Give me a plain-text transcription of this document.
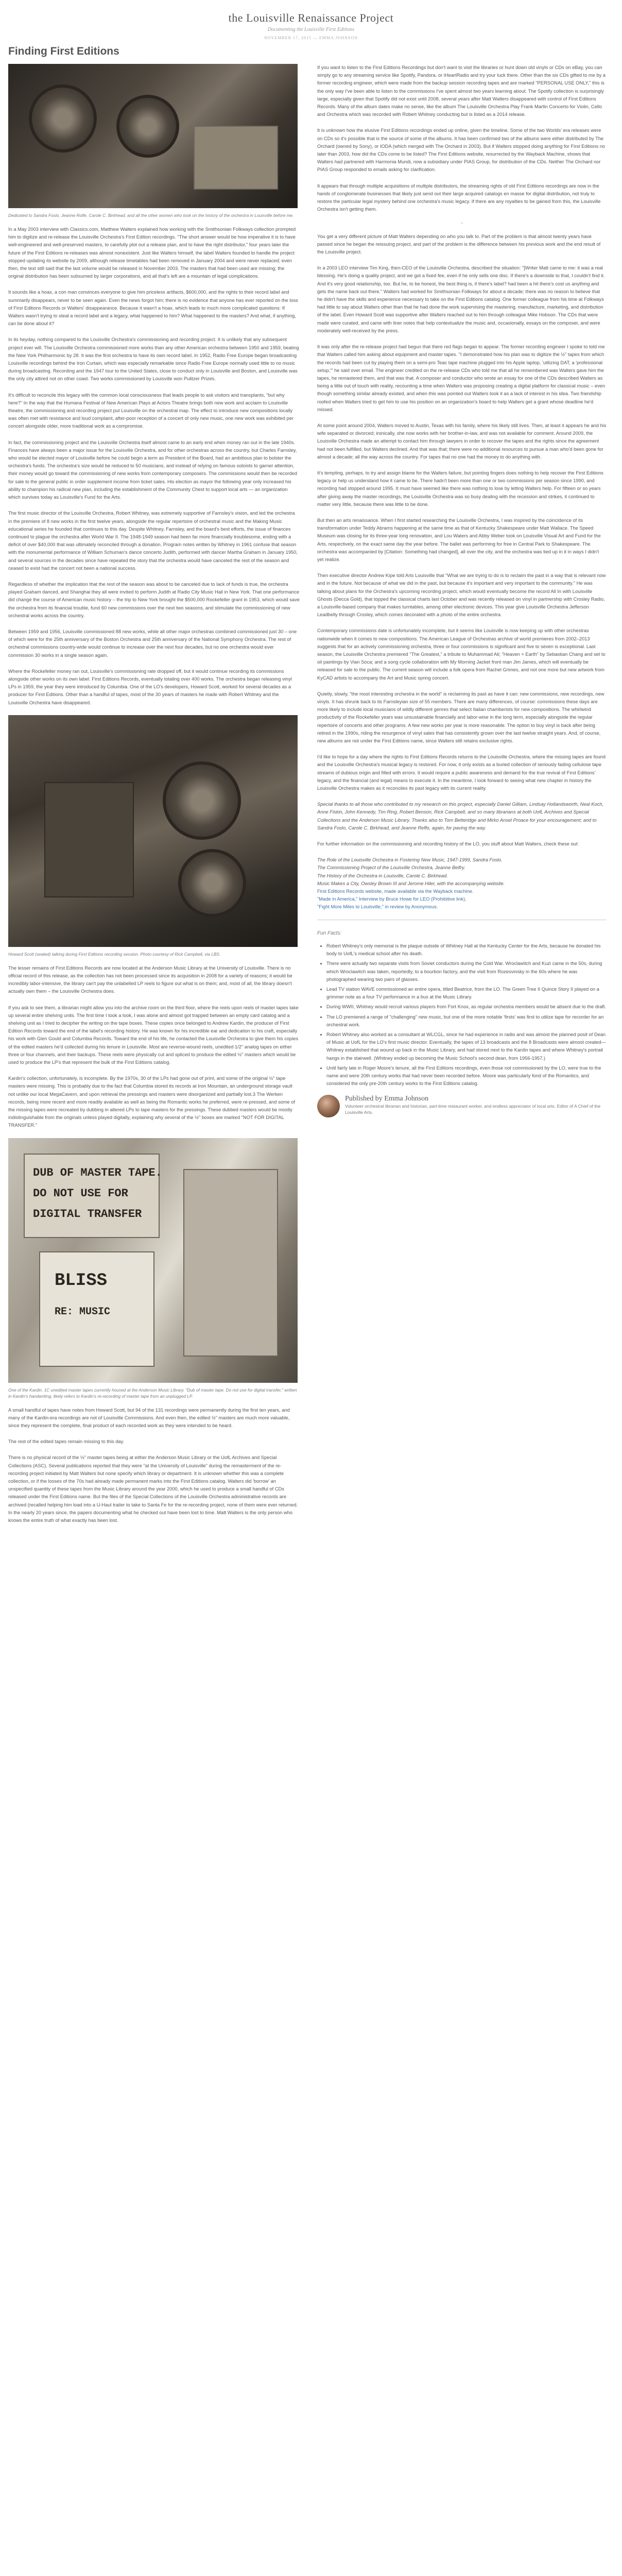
the Louisville Renaissance Project
Documenting the Louisville First Editions
NOVEMBER 17, 2015 — EMMA JOHNSON
Finding First Editions
Dedicated to Sandra Foslo, Jeanne Rolfe, Carole C. Birkhead, and all the other women who took on the history of the orchestra in Louisville before me.

In a May 2003 interview with Classics.com, Matthew Walters explained how working with the Smithsonian Folkways collection prompted him to digitize and re-release the Louisville Orchestra's First Edition recordings. "The short answer would be how imperative it is to have well-engineered and well-preserved masters, to carefully plot out a release plan, and to have the right distributor," four years later the future of the First Editions re-releases was almost nonexistent. Just like Walters himself, the label Walters founded to handle the project stopped updating its website by 2009, although release timetables had been removed in January 2004 and were never replaced; even then, the text still said that the last volume would be released in November 2003. The masters that had been used are missing; the original distribution has been subsumed by larger corporations, and all that's left are a mountain of legal complications.

It sounds like a hoax, a con man convinces everyone to give him priceless artifacts, $600,000, and the rights to their record label and summarily disappears, never to be seen again. Even the news forgot him; there is no evidence that anyone has ever reported on the loss of First Editions Records or Walters' disappearance. Because it wasn't a hoax, which leads to much more complicated questions: If Walters wasn't trying to steal a record label and a legacy, what happened to him? What happened to the masters? And what, if anything, can be done about it?

In its heyday, nothing compared to the Louisville Orchestra's commissioning and recording project. It is unlikely that any subsequent project ever will. The Louisville Orchestra commissioned more works than any other American orchestra between 1950 and 1959, beating the New York Philharmonic by 28. It was the first orchestra to have its own record label. In 1952, Radio Free Europe began broadcasting Louisville recordings behind the Iron Curtain, which was especially remarkable since Radio Free Europe normally used little to no music during broadcasting. Recording and the 1947 tour to the United States, close to conduct only in Louisville and Boston, and Louisville was the only city attired not on other coast. Two works commissioned by Louisville won Pulitzer Prizes.

It's difficult to reconcile this legacy with the common local consciousness that leads people to ask visitors and transplants, "but why here?" In the way that the Humana Festival of New American Plays at Actors Theatre brings both new work and acclaim to Louisville theatre, the commissioning and recording project put Louisville on the orchestral map. The effect to introduce new compositions locally was often met with resistance and loud complaint, after-poor reception of a concert of only new music, one new work was exhibited per concert alongside older, more traditional work as a compromise.

In fact, the commissioning project and the Louisville Orchestra itself almost came to an early end when money ran out in the late 1940s. Finances have always been a major issue for the Louisville Orchestra, and for other orchestras across the country, but Charles Farnsley, who would be elected mayor of Louisville before he could begin a term as President of the Board, had an ambitious plan to bolster the orchestra's funds. The orchestra's size would be reduced to 50 musicians, and instead of relying on famous soloists to garner attention, their money would go toward the commissioning of new works from contemporary composers. The commissions would then be recorded for sale to the general public in order supplement income from ticket sales. His election as mayor the following year only increased his ability to champion his radical new plan, including the establishment of the Community Chest to support local arts — an organization which survives today as Louisville's Fund for the Arts.

The first music director of the Louisville Orchestra, Robert Whitney, was extremely supportive of Farnsley's vision, and led the orchestra in the premiere of 8 new works in the first twelve years, alongside the regular repertoire of orchestral music and the Making Music educational series he founded that continues to this day. Despite Whitney, Farnsley, and the board's best efforts, the issue of finances continued to plague the orchestra after World War II. The 1948-1949 season had been far more financially troublesome, ending with a deficit of over $40,000 that was ultimately reconciled through a donation. Program notes written by Whitney in 1961 confuse that season with the monumental performance of William Schuman's dance concerto Judith, performed with dancer Martha Graham in January 1950, and several sources in the decades since have repeated the story that the orchestra would have canceled the rest of the season and ceased to exist had the concert not been a national success.

Regardless of whether the implication that the rest of the season was about to be canceled due to lack of funds is true, the orchestra played Graham danced, and Shanghai they all were invited to perform Judith at Radio City Music Hall in New York. That one performance did change the course of American music history – the trip to New York brought the $500,000 Rockefeller grant in 1953, which would save the orchestra from its financial trouble, fund 60 new commissions over the next two seasons, and stimulate the commissioning of new orchestral works across the country.

Between 1959 and 1956, Louisville commissioned 88 new works, while all other major orchestras combined commissioned just 30 – one of which were for the 25th anniversary of the Boston Orchestra and 25th anniversary of the National Symphony Orchestra. The rest of orchestral commissions country-wide would continue to increase over the next four decades, but no one orchestra would ever commission 30 works in a single season again.

Where the Rockefeller money ran out, Louisville's commissioning rate dropped off, but it would continue recording its commissions alongside other works on its own label. First Editions Records, eventually totaling over 400 works. The orchestra began releasing vinyl LPs in 1959, the year they were introduced by Columbia. One of the LO's developers, Howard Scott, worked for several decades as a producer for First Editions. Other than a handful of tapes, most of the 30 years of masters he made with Robert Whitney and the Louisville Orchestra have disappeared.

Howard Scott (seated) talking during First Editions recording session. Photo courtesy of Rick Campbell, via LBS.

The lesser remains of First Editions Records are now located at the Anderson Music Library at the University of Louisville. There is no official record of this release, as the collection has not been processed since its acquisition in 2008 for a variety of reasons; it would be incredibly labor-intensive, the library can't pay the unlabelled LP reels to figure out what is on them; and, most of all, the library doesn't actually own them – the Louisville Orchestra does.

If you ask to see them, a librarian might allow you into the archive room on the third floor, where the reels upon reels of master tapes take up several entire shelving units. The first time I took a look, I was alone and almost got trapped between an empty card catalog and a shelving unit as I tried to decipher the writing on the tape boxes. These copies once belonged to Andrew Kardin, the producer of First Edition Records toward the end of the label's recording history. He was known for his incredible ear and dedication to his craft, especially his work with Glen Gould and Columbia Records. Toward the end of his life, he contacted the Louisville Orchestra to give them his copies of the edited masters he'd collected during his tenure in Louisville. Most are reverse-wound reels, unedited 1/2" analog tapes on either three or four channels, and their backups. These reels were physically cut and spliced to produce the edited ½" masters which would be used to produce the LP's that represent the bulk of the First Editions catalog.

Kardin's collection, unfortunately, is incomplete. By the 1970s, 30 of the LPs had gone out of print, and some of the original ½" tape masters were missing. This is probably due to the fact that Columbia stored its records at Iron Mountain, an underground storage vault not unlike our local MegaCavern, and upon retrieval the pressings and masters were disorganized and partially lost.3 The Werken records, being more recent and more readily available as well as being the Romantic works he preferred, were re-pressed, and some of the missing tapes were recreated by dubbing in altered LPs to tape masters for the pressings. These dubbed masters would be mostly indistinguishable from the originals unless played digitally, explaining why several of the ½" boxes are marked "NOT FOR DIGITAL TRANSFER."

DUB OF MASTER TAPE.
DO NOT USE FOR
DIGITAL TRANSFER
BLISS
RE: MUSIC
One of the Kardin. 1C unedited master tapes currently housed at the Anderson Music Library. "Dub of master tape. Do not use for digital transfer," written in Kardin's handwriting, likely refers to Kardin's re-recording of master tape from an unplugged LP.

A small handful of tapes have notes from Howard Scott, but 94 of the 131 recordings were permanently during the first ten years, and many of the Kardin-era recordings are not of Louisville Commissions. And even then, the edited ½" masters are much more valuable, since they represent the complete, final product of each recorded work as they were intended to be heard.

The rest of the edited tapes remain missing to this day.

There is no physical record of the ½" master tapes being at either the Anderson Music Library or the UofL Archives and Special Collections (ASC). Several publications reported that they were "at the University of Louisville" during the remasterment of the re-recording project initiated by Matt Walters but none specify which library or department. It is unknown whether this was a complete collection, or if the losses of the 70s had already made permanent marks into the First Editions catalog. Walters did 'borrow' an unspecified quantity of these tapes from the Music Library around the year 2000, which he used to produce a small handful of CDs released under the First Editions name. But the files of the Special Collections of the Louisville Orchestra administrative records are archived (recalled helping him load into a U-Haul trailer to take to Santa Fe for the re-recording project, none of them were ever returned. In the nearly 20 years since, the papers documenting what he checked out have been lost to time. Matt Walters is the only person who knows the entire truth of what exactly has been lost.

If you want to listen to the First Editions Recordings but don't want to visit the libraries or hunt down old vinyls or CDs on eBay, you can simply go to any streaming service like Spotify, Pandora, or iHeartRadio and try your luck there. Other than the six CDs gifted to me by a former recording engineer, which were made from the backup session recording tapes and are marked "PERSONAL USE ONLY," this is the only way I've been able to listen to the commissions I've spent almost two years learning about. The Spotify collection is surprisingly large, especially given that Spotify did not exist until 2008, several years after Matt Walters disappeared with control of First Editions Records. Many of the album dates make no sense, like the album The Louisville Orchestra Play Frank Martin Concerto for Violin, Cello and Orchestra which was recorded with Robert Whitney conducting but is listed as a 2014 release.

It is unknown how the elusive First Editions recordings ended up online, given the timeline. Some of the two Worlds' era releases were on CDs so it's possible that is the source of some of the albums. It has been confirmed two of the albums were either distributed by The Orchard (owned by Sony), or IODA (which merged with The Orchard in 2003). But if Walters stopped doing anything for First Editions no later than 2003, how did the CDs come to be listed? The First Editions website, resurrected by the Wayback Machine, shows that Walters had partnered with Harmonia Mundi, now a subsidiary under PIAS Group, for distribution of the CDs. Neither The Orchard nor PIAS Group responded to emails asking for clarification.

It appears that through multiple acquisitions of multiple distributors, the streaming rights of old First Editions recordings are now in the hands of conglomerate businesses that likely just send out their large acquired catalogs en masse for digital distribution, not truly to restore the particular legal mystery behind one orchestra's music legacy. If there are any royalties to be gained from this, the Louisville Orchestra isn't getting them.

~

You get a very different picture of Matt Walters depending on who you talk to. Part of the problem is that almost twenty years have passed since he began the reissuing project, and part of the problem is the difference between his previous work and the end result of the Louisville project.

In a 2003 LEO interview Tim King, then-CEO of the Louisville Orchestra, described the situation: "[Writer Matt came to me: it was a real blessing. He's doing a quality project, and we got a fixed fee, even if he only sells one disc. If there's a downside to that, I couldn't find it. And it's very good relationship, too. But he, to be honest, the best thing is, if there's label? had been a hit there's cost us anything and gets the name back out there." Walters had worked for Smithsonian Folkways for about a decade; there was no reason to believe that he didn't have the skills and experience necessary to take on the First Editions catalog. One former colleague from his time at Folkways had little to say about Walters other than that he had done the work supervising the mastering, manufacture, marketing, and distribution of the label. Even Howard Scott was supportive after Walters reached out to him through colleague Mike Hobson. The CDs that were made were curated, and came with liner notes that help contextualize the music and, occasionally, essays on the composer, and were moderately well-received by the press.

It was only after the re-release project had begun that there red flags began to appear. The former recording engineer I spoke to told me that Walters called him asking about equipment and master tapes. "I demonstrated how his plan was to digitize the ½" tapes from which the records had been cut by playing them on a semi-pro Teac tape machine plugged into his Apple laptop, 'utilizing DAT, a 'professional setup,'" he said over email. The engineer credited on the re-release CDs who told me that all he remembered was Walters gave him the tapes, he remastered them, and that was that. A composer and conductor who wrote an essay for one of the CDs described Walters as being a little out of touch with reality, recounting a time when Walters was proposing creating a digital platform for classical music – even though something similar already existed, and when this was pointed out Walters took it as a lack of interest in his idea. Two friendship roofed when Walters tried to get him to use his position on an organization's board to help Walters get a grant whose deadline he'd missed.

At some point around 2004, Walters moved to Austin, Texas with his family, where his likely still lives. Then, at least it appears he and his wife separated or divorced; ironically, she now works with her brother-in-law, and was not available for comment. Around 2009, the Louisville Orchestra made an attempt to contact him through lawyers in order to recover the tapes and the rights since the agreement had not been fulfilled, but Walters declined. And that was that; there were no additional resources to pursue a man who'd been gone for almost a decade; all the way across the country. For tapes that no one had the money to do anything with.

It's tempting, perhaps, to try and assign blame for the Walters failure, but pointing fingers does nothing to help recover the First Editions legacy or help us understand how it came to be. There hadn't been more than one or two commissions per season since 1990, and recording had stopped around 1995. It must have seemed like there was nothing to lose by letting Walters help. For fifteen or so years after giving away the master recordings, the Louisville Orchestra was so busy dealing with the recession and strikes, it continued to matter very little, because there was little to be done.

But then an arts renaissance. When I first started researching the Louisville Orchestra, I was inspired by the coincidence of its transformation under Teddy Abrams happening at the same time as that of Kentucky Shakespeare under Matt Wallace. The Speed Museum was closing for its three-year long renovation, and Lou Waters and Abby Weber took on Louisville Visual Art and Fund for the Arts, respectively, on the exact same day the year before. The ballet was performing for free in Central Park to Shakespeare. The orchestra was accompanied by [Citation: Something had changed], all over the city, and the orchestra was tied up in it in ways I didn't yet realize.

Then executive director Andrew Kipe told Arts Louisville that "What we are trying to do is to reclaim the past in a way that is relevant now and in the future. Not because of what we did in the past, but because it's important and very important to the community." He was talking about plans for the Orchestra's upcoming recording project, which would eventually become the record All In with Louisville Ghosts (Decca Gold), that topped the classical charts last October and was recently released on vinyl in partnership with Crosley Radio, a Louisville-based company that makes turntables, among other electronic devices. This year give Louisville Orchestra Jefferson Leadbelly through Crosley, which comes decorated with a photo of the entire orchestra.

Contemporary commissions date is unfortunately incomplete, but it seems like Louisville is now keeping up with other orchestras nationwide when it comes to new compositions. The American League of Orchestras archive of world premieres from 2002–2013 suggests that for an actively commissioning orchestra, three or four commissions is significant and five to seven is exceptional. Last season, the Louisville Orchestra premiered "The Greatest," a tribute to Muhammad Ali; "Heaven + Earth" by Sebastian Chang and set to oil paintings by Vian Soca; and a song cycle collaboration with My Morning Jacket front man Jim James, which will eventually be released for sale to the public. The current season will include a folk opera from Rachel Grimes, and not one more but new artwork from KyCAD artists to accompany the Art and Music spring concert.

Quietly, slowly, "the most interesting orchestra in the world" is reclaiming its past as have it can: new commissions, new recordings, new vinyls. It has shrunk back to its Farnsleyian size of 55 members. There are many differences, of course: commissions these days are more likely to include local musicians of wildly different genres that select Italian chamberists for new compositions. The whirlwind productivity of the Rockefeller years was unsustainable financially and labor-wise in the long term, especially alongside the regular repertoire of concerts and other programs. A few new works per year is more reasonable. The option to buy vinyl is back after being retired in the 1990s, riding the resurgence of vinyl sales that has consistently grown over the last twelve straight years. And, of course, new albums are not under the First Editions name, since Walters still retains exclusive rights.

I'd like to hope for a day where the rights to First Editions Records returns to the Louisville Orchestra, where the missing tapes are found and the Louisville Orchestra's musical legacy is restored. For now, it only exists as a buried collection of seriously fading cellulose tape streams of dubious origin and filled with errors. It would require a public awareness and demand for the true revival of First Editions' legacy, and the financial (and legal) means to execute it. In the meantime, I look forward to seeing what new chapter in history the Louisville Orchestra makes as it reconciles its past legacy with its current reality.

Special thanks to all those who contributed to my research on this project, especially Daniel Gilliam, Lindsay Hollandsworth, Neal Koch, Anne Fiskin, John Kennedy, Tim Ring, Robert Benson, Rick Campbell, and so many librarians at both UofL Archives and Special Collections and the Anderson Music Library. Thanks also to Tom Betteridge and Mirko Ansel Proace for your encouragement; and to Sandra Foslo, Carole C. Birkhead, and Jeanne Reffo, again, for paving the way.

For further information on the commissioning and recording history of the LO, you stuff about Matt Walters, check these out:

The Role of the Louisville Orchestra in Fostering New Music, 1947-1999, Sandra Foslo.
The Commissioning Project of the Louisville Orchestra, Jeanne Belfry.
The History of the Orchestra in Louisville, Carole C. Birkhead.
Music Makes a City, Owsley Brown III and Jerome Hiler, with the accompanying website.
First Editions Records website, made available via the Wayback machine.
"Made in America," Interview by Bruce Howe for LEO (Prohibitive link).
"Fight More Miles to Louisville," in review by Anonymous.
Fun Facts:
• Robert Whitney's only memorial is the plaque outside of Whitney Hall at the Kentucky Center for the Arts, because he donated his body to UofL's medical school after his death.
• There were actually two separate visits from Soviet conductors during the Cold War. Wroclawitch and Kuzi came in the 50s, during which Wroclawitch was taken, reportedly, to a bourbon factory, and the visit from Rozesvinsky in the 60s where he was photographed wearing two pairs of glasses.
• Lead TV station WAVE commissioned an entire opera, titled Beatrice, from the LO. The Green Tree II Quince Story II played on a grimmer note as a four TV performance in a bus at the Music Library.
• During WWII, Whitney would recruit various players from Fort Knox, as regular orchestra members would be absent due to the draft.
• The LO premiered a range of "challenging" new music, but one of the more notable 'firsts' was first to utilize tape for recorder for an orchestral work.
• Robert Whitney also worked as a consultant at WLCGL, since he had experience in radio and was almost the planned posit of Dean of Music at UofL for the LO's first music director. Eventually, the tapes of 13 broadcasts and the 8 Broadcasts were almost created—Whitney established that wound up back in the Music Library, and had stored next to the Kardin tapes and where Whitney's portrait hangs in the stairwell. (Whitney ended up becoming the Music School's second dean, from 1956-1957.)
• Until fairly late in Roger Moore's tenure, all the First Editions recordings, even those not commissioned by the LO, were true to the name and were 20th century works that had never been recorded before. Moore was particularly fond of the Romantics, and considered the only pre-20th century works to the First Editions catalog.
Published by Emma Johnson
Volunteer orchestral librarian and historian, part-time restaurant worker, and endless appreciator of local arts. Editor of A Chief of the Louisville Arts.
